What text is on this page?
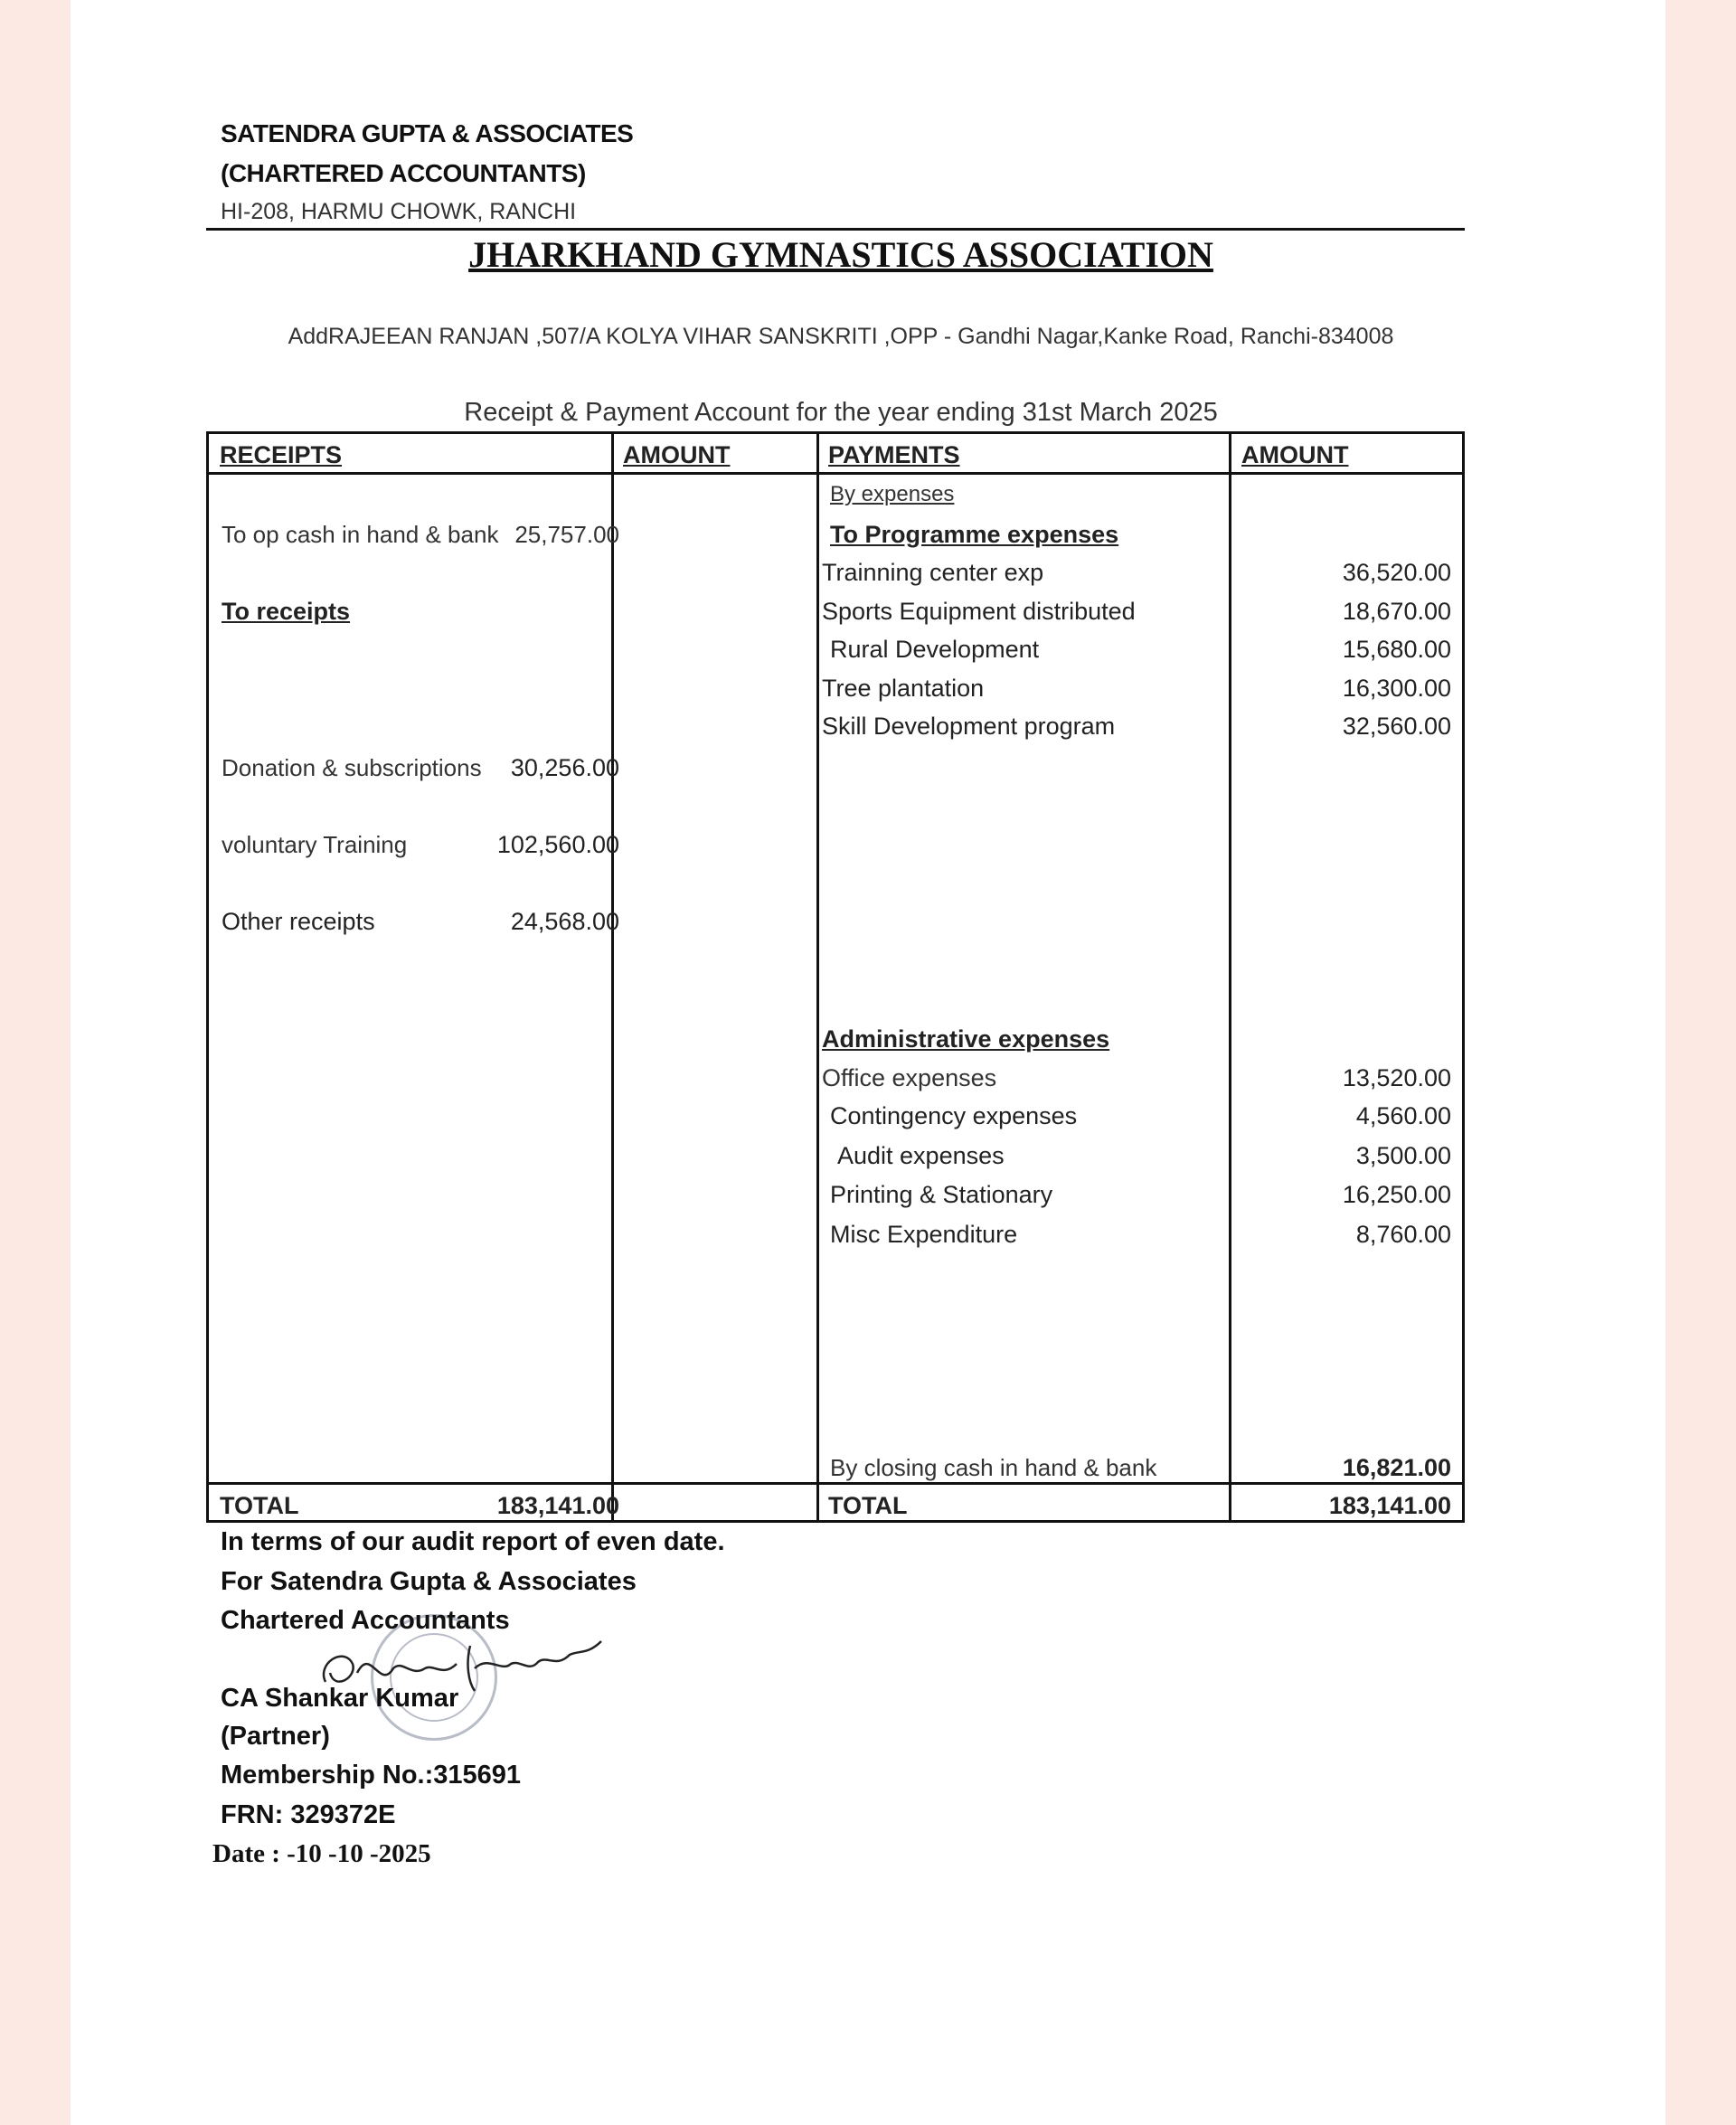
SATENDRA GUPTA & ASSOCIATES
(CHARTERED ACCOUNTANTS)
HI-208, HARMU CHOWK, RANCHI
JHARKHAND GYMNASTICS ASSOCIATION
AddRAJEEAN RANJAN ,507/A KOLYA VIHAR SANSKRITI ,OPP - Gandhi Nagar,Kanke Road, Ranchi-834008
Receipt & Payment Account for the year ending 31st March 2025
RECEIPTS	AMOUNT	PAYMENTS	AMOUNT
To op cash in hand & bank 25,757.00
To receipts
Donation & subscriptions 30,256.00
voluntary Training	102,560.00
Other receipts	24,568.00
By expenses
To Programme expenses
Trainning center exp	36,520.00
Sports Equipment distributed	18,670.00
Rural Development	15,680.00
Tree plantation	16,300.00
Skill Development program	32,560.00
Administrative expenses
Office expenses	13,520.00
Contingency expenses	4,560.00
Audit expenses	3,500.00
Printing & Stationary	16,250.00
Misc Expenditure	8,760.00
By closing cash in hand & bank	16,821.00
TOTAL	183,141.00	TOTAL	183,141.00
In terms of our audit report of even date.
For Satendra Gupta & Associates
Chartered Accountants
CA Shankar Kumar
(Partner)
Membership No.:315691
FRN: 329372E
Date : -10 -10 -2025
